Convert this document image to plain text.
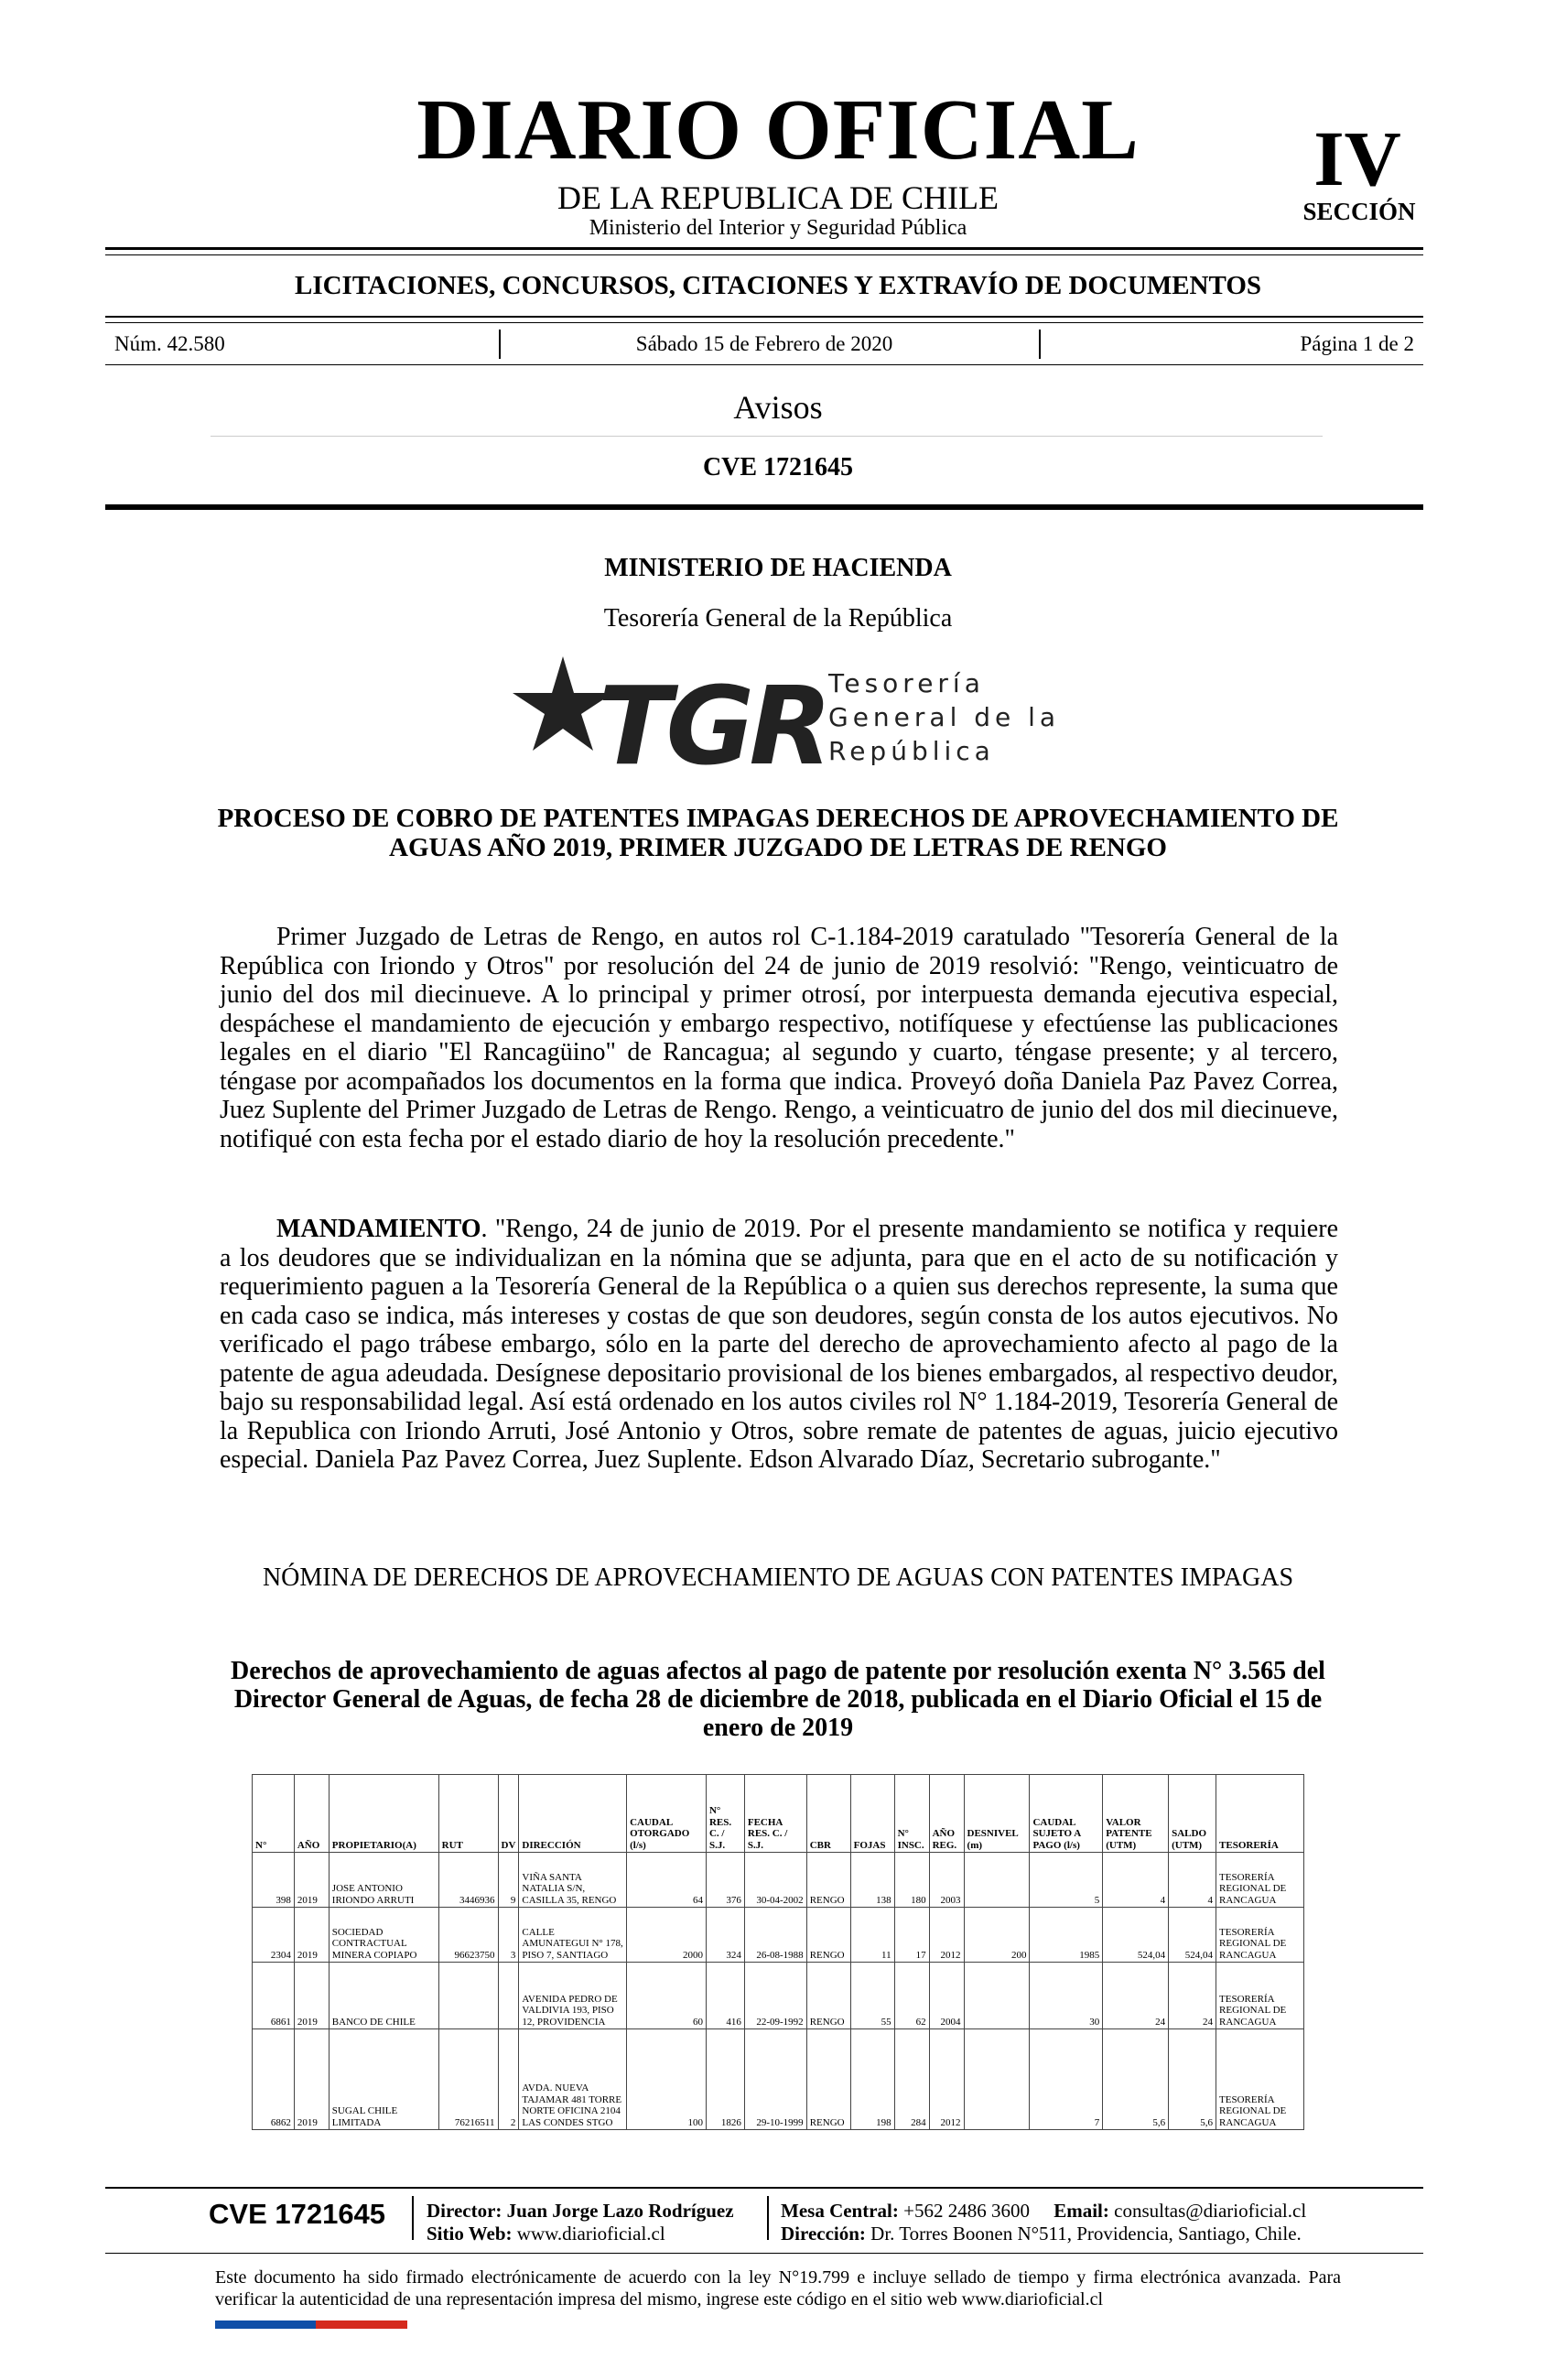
DIARIO OFICIAL
DE LA REPUBLICA DE CHILE
Ministerio del Interior y Seguridad Pública
IV
SECCIÓN
LICITACIONES, CONCURSOS, CITACIONES Y EXTRAVÍO DE DOCUMENTOS
Núm. 42.580	Sábado 15 de Febrero de 2020	Página 1 de 2
Avisos
CVE 1721645
MINISTERIO DE HACIENDA
Tesorería General de la República
TGR Tesorería
General de la
República
PROCESO DE COBRO DE PATENTES IMPAGAS DERECHOS DE APROVECHAMIENTO DE AGUAS AÑO 2019, PRIMER JUZGADO DE LETRAS DE RENGO
Primer Juzgado de Letras de Rengo, en autos rol C-1.184-2019 caratulado "Tesorería General de la República con Iriondo y Otros" por resolución del 24 de junio de 2019 resolvió: "Rengo, veinticuatro de junio del dos mil diecinueve. A lo principal y primer otrosí, por interpuesta demanda ejecutiva especial, despáchese el mandamiento de ejecución y embargo respectivo, notifíquese y efectúense las publicaciones legales en el diario "El Rancagüino" de Rancagua; al segundo y cuarto, téngase presente; y al tercero, téngase por acompañados los documentos en la forma que indica. Proveyó doña Daniela Paz Pavez Correa, Juez Suplente del Primer Juzgado de Letras de Rengo. Rengo, a veinticuatro de junio del dos mil diecinueve, notifiqué con esta fecha por el estado diario de hoy la resolución precedente."
MANDAMIENTO. "Rengo, 24 de junio de 2019. Por el presente mandamiento se notifica y requiere a los deudores que se individualizan en la nómina que se adjunta, para que en el acto de su notificación y requerimiento paguen a la Tesorería General de la República o a quien sus derechos represente, la suma que en cada caso se indica, más intereses y costas de que son deudores, según consta de los autos ejecutivos. No verificado el pago trábese embargo, sólo en la parte del derecho de aprovechamiento afecto al pago de la patente de agua adeudada. Desígnese depositario provisional de los bienes embargados, al respectivo deudor, bajo su responsabilidad legal. Así está ordenado en los autos civiles rol N° 1.184-2019, Tesorería General de la Republica con Iriondo Arruti, José Antonio y Otros, sobre remate de patentes de aguas, juicio ejecutivo especial. Daniela Paz Pavez Correa, Juez Suplente. Edson Alvarado Díaz, Secretario subrogante."
NÓMINA DE DERECHOS DE APROVECHAMIENTO DE AGUAS CON PATENTES IMPAGAS
Derechos de aprovechamiento de aguas afectos al pago de patente por resolución exenta N° 3.565 del Director General de Aguas, de fecha 28 de diciembre de 2018, publicada en el Diario Oficial el 15 de enero de 2019
N°	AÑO	PROPIETARIO(A)	RUT	DV	DIRECCIÓN	CAUDAL OTORGADO (l/s)	N° RES. C. / S.J.	FECHA RES. C. / S.J.	CBR	FOJAS	N° INSC.	AÑO REG.	DESNIVEL (m)	CAUDAL SUJETO A PAGO (l/s)	VALOR PATENTE (UTM)	SALDO (UTM)	TESORERÍA
398	2019	JOSE ANTONIO IRIONDO ARRUTI	3446936	9	VIÑA SANTA NATALIA S/N, CASILLA 35, RENGO	64	376	30-04-2002	RENGO	138	180	2003		5	4	4	TESORERÍA REGIONAL DE RANCAGUA
2304	2019	SOCIEDAD CONTRACTUAL MINERA COPIAPO	96623750	3	CALLE AMUNATEGUI N° 178, PISO 7, SANTIAGO	2000	324	26-08-1988	RENGO	11	17	2012	200	1985	524,04	524,04	TESORERÍA REGIONAL DE RANCAGUA
6861	2019	BANCO DE CHILE			AVENIDA PEDRO DE VALDIVIA 193, PISO 12, PROVIDENCIA	60	416	22-09-1992	RENGO	55	62	2004		30	24	24	TESORERÍA REGIONAL DE RANCAGUA
6862	2019	SUGAL CHILE LIMITADA	76216511	2	AVDA. NUEVA TAJAMAR 481 TORRE NORTE OFICINA 2104 LAS CONDES STGO	100	1826	29-10-1999	RENGO	198	284	2012		7	5,6	5,6	TESORERÍA REGIONAL DE RANCAGUA
CVE 1721645 Director: Juan Jorge Lazo Rodríguez
Sitio Web: www.diarioficial.cl
Mesa Central: +562 2486 3600 Email: consultas@diarioficial.cl
Dirección: Dr. Torres Boonen N°511, Providencia, Santiago, Chile.
Este documento ha sido firmado electrónicamente de acuerdo con la ley N°19.799 e incluye sellado de tiempo y firma electrónica avanzada. Para verificar la autenticidad de una representación impresa del mismo, ingrese este código en el sitio web www.diarioficial.cl
